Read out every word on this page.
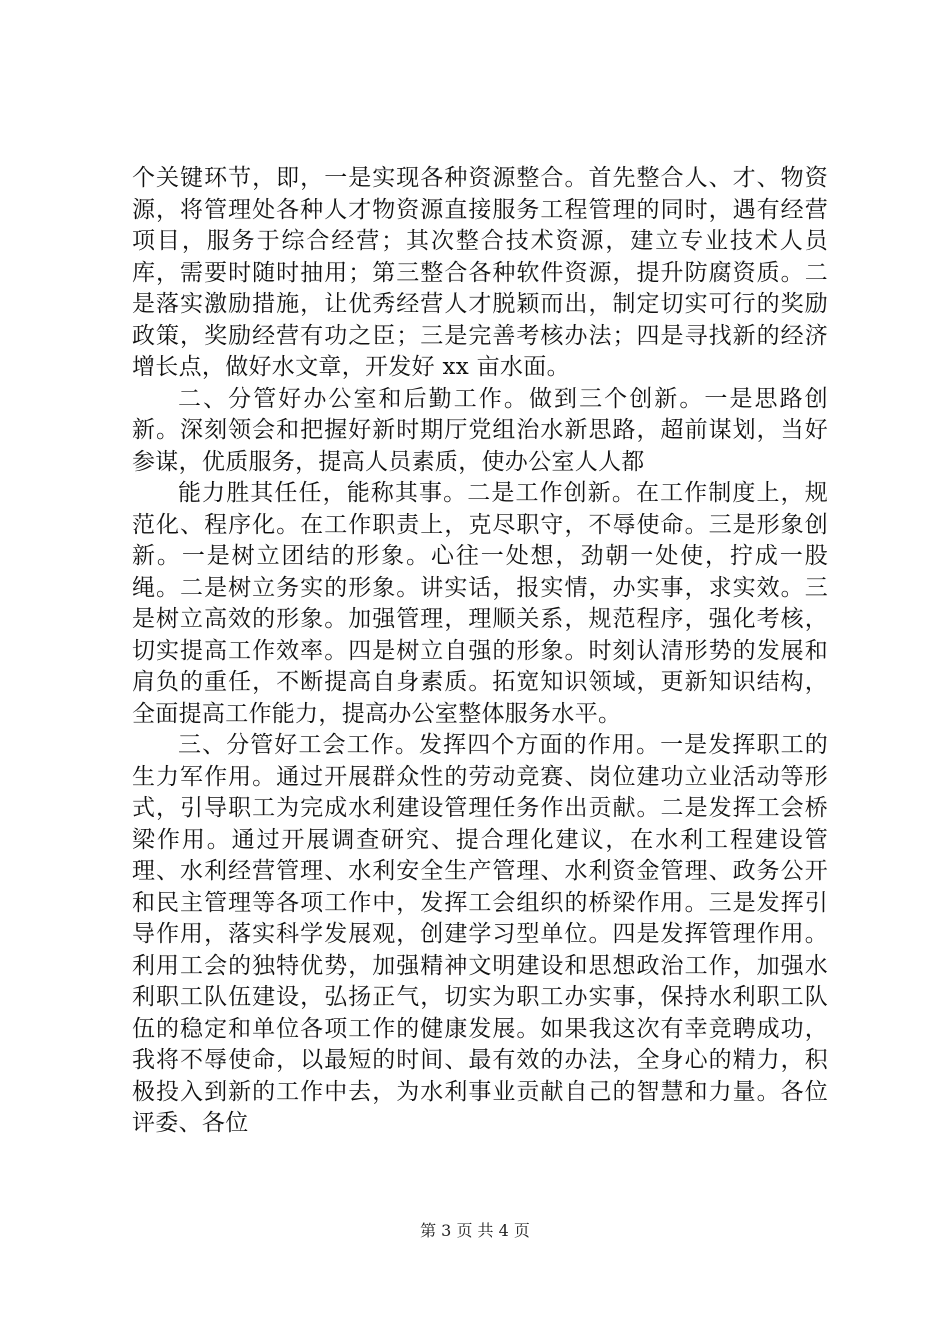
个关键环节，即，一是实现各种资源整合。首先整合人、才、物资源，将管理处各种人才物资源直接服务工程管理的同时，遇有经营项目，服务于综合经营；其次整合技术资源，建立专业技术人员库，需要时随时抽用；第三整合各种软件资源，提升防腐资质。二是落实激励措施，让优秀经营人才脱颖而出，制定切实可行的奖励政策，奖励经营有功之臣；三是完善考核办法；四是寻找新的经济增长点，做好水文章，开发好 xx 亩水面。

二、分管好办公室和后勤工作。做到三个创新。一是思路创新。深刻领会和把握好新时期厅党组治水新思路，超前谋划，当好参谋，优质服务，提高人员素质，使办公室人人都

能力胜其任任，能称其事。二是工作创新。在工作制度上，规范化、程序化。在工作职责上，克尽职守，不辱使命。三是形象创新。一是树立团结的形象。心往一处想，劲朝一处使，拧成一股绳。二是树立务实的形象。讲实话，报实情，办实事，求实效。三是树立高效的形象。加强管理，理顺关系，规范程序，强化考核，切实提高工作效率。四是树立自强的形象。时刻认清形势的发展和肩负的重任，不断提高自身素质。拓宽知识领域，更新知识结构，全面提高工作能力，提高办公室整体服务水平。

三、分管好工会工作。发挥四个方面的作用。一是发挥职工的生力军作用。通过开展群众性的劳动竞赛、岗位建功立业活动等形式，引导职工为完成水利建设管理任务作出贡献。二是发挥工会桥梁作用。通过开展调查研究、提合理化建议，在水利工程建设管理、水利经营管理、水利安全生产管理、水利资金管理、政务公开和民主管理等各项工作中，发挥工会组织的桥梁作用。三是发挥引导作用，落实科学发展观，创建学习型单位。四是发挥管理作用。利用工会的独特优势，加强精神文明建设和思想政治工作，加强水利职工队伍建设，弘扬正气，切实为职工办实事，保持水利职工队伍的稳定和单位各项工作的健康发展。如果我这次有幸竞聘成功，我将不辱使命，以最短的时间、最有效的办法，全身心的精力，积极投入到新的工作中去，为水利事业贡献自己的智慧和力量。各位评委、各位

第 3 页 共 4 页
